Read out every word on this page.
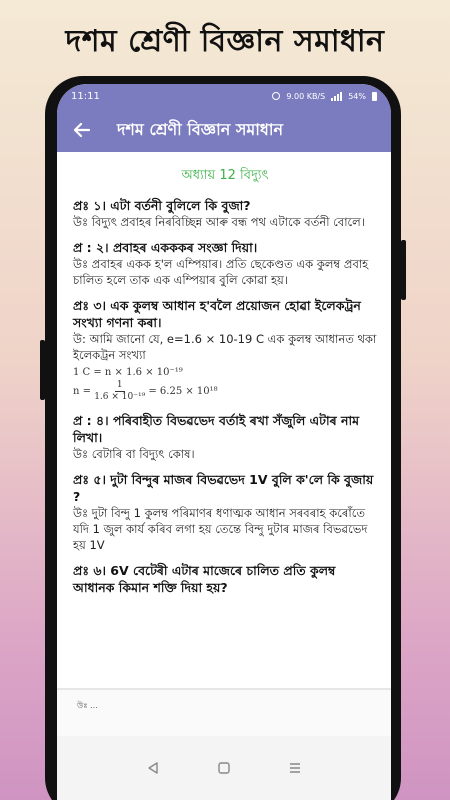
দশম শ্ৰেণী বিজ্ঞান সমাধান
11:11	9.00 KB/S	54%
দশম শ্ৰেণী বিজ্ঞান সমাধান
অধ্যায় 12 বিদ্যুৎ
প্ৰঃ ১। এটা বৰ্তনী বুলিলে কি বুজা?
উঃ বিদ্যুৎ প্ৰবাহৰ নিৰবিচ্ছিন্ন আৰু বন্ধ পথ এটাকে বৰ্তনী বােলে।
প্ৰ : ২। প্ৰবাহৰ একককৰ সংজ্ঞা দিয়া।
উঃ প্ৰবাহৰ একক হ'ল এম্পিয়াৰ। প্ৰতি ছেকেণ্ডত এক কুলম্ব প্ৰবাহ চালিত হলে তাক এক এম্পিয়াৰ বুলি কোৱা হয়।
প্ৰঃ ৩। এক কুলম্ব আধান হ'বলৈ প্ৰয়ােজন হােৱা ইলেকট্ৰন সংখ্যা গণনা কৰা।
উ: আমি জানাে যে, e=1.6 × 10-19 C এক কুলম্ব আধানত থকা ইলেকট্ৰন সংখ্যা
1 C = n × 1.6 × 10⁻¹⁹
$n = \frac{1}{\text{1.6 × 10⁻¹⁹}} = 6.25 \times 10^{18}$
প্ৰ : ৪। পৰিবাহীত বিভৱভেদ বৰ্তাই ৰখা সঁজুলি এটাৰ নাম লিখা।
উঃ বেটাৰি বা বিদ্যুৎ কোষ।
প্ৰঃ ৫। দুটা বিন্দুৰ মাজৰ বিভৱভেদ 1V বুলি ক'লে কি বুজায় ?
উঃ দুটা বিন্দু 1 কুলম্ব পৰিমাণৰ ধণাত্মক আধান সৰবৰাহ কৰোঁতে যদি 1 জুল কাৰ্য কৰিব লগা হয় তেন্তে বিন্দু দুটাৰ মাজৰ বিভৱভেদ হয় 1V
প্ৰঃ ৬। 6V বেটেৰী এটাৰ মাজেৰে চালিত প্ৰতি কুলম্ব আধানক কিমান শক্তি দিয়া হয়?
উঃ ...
